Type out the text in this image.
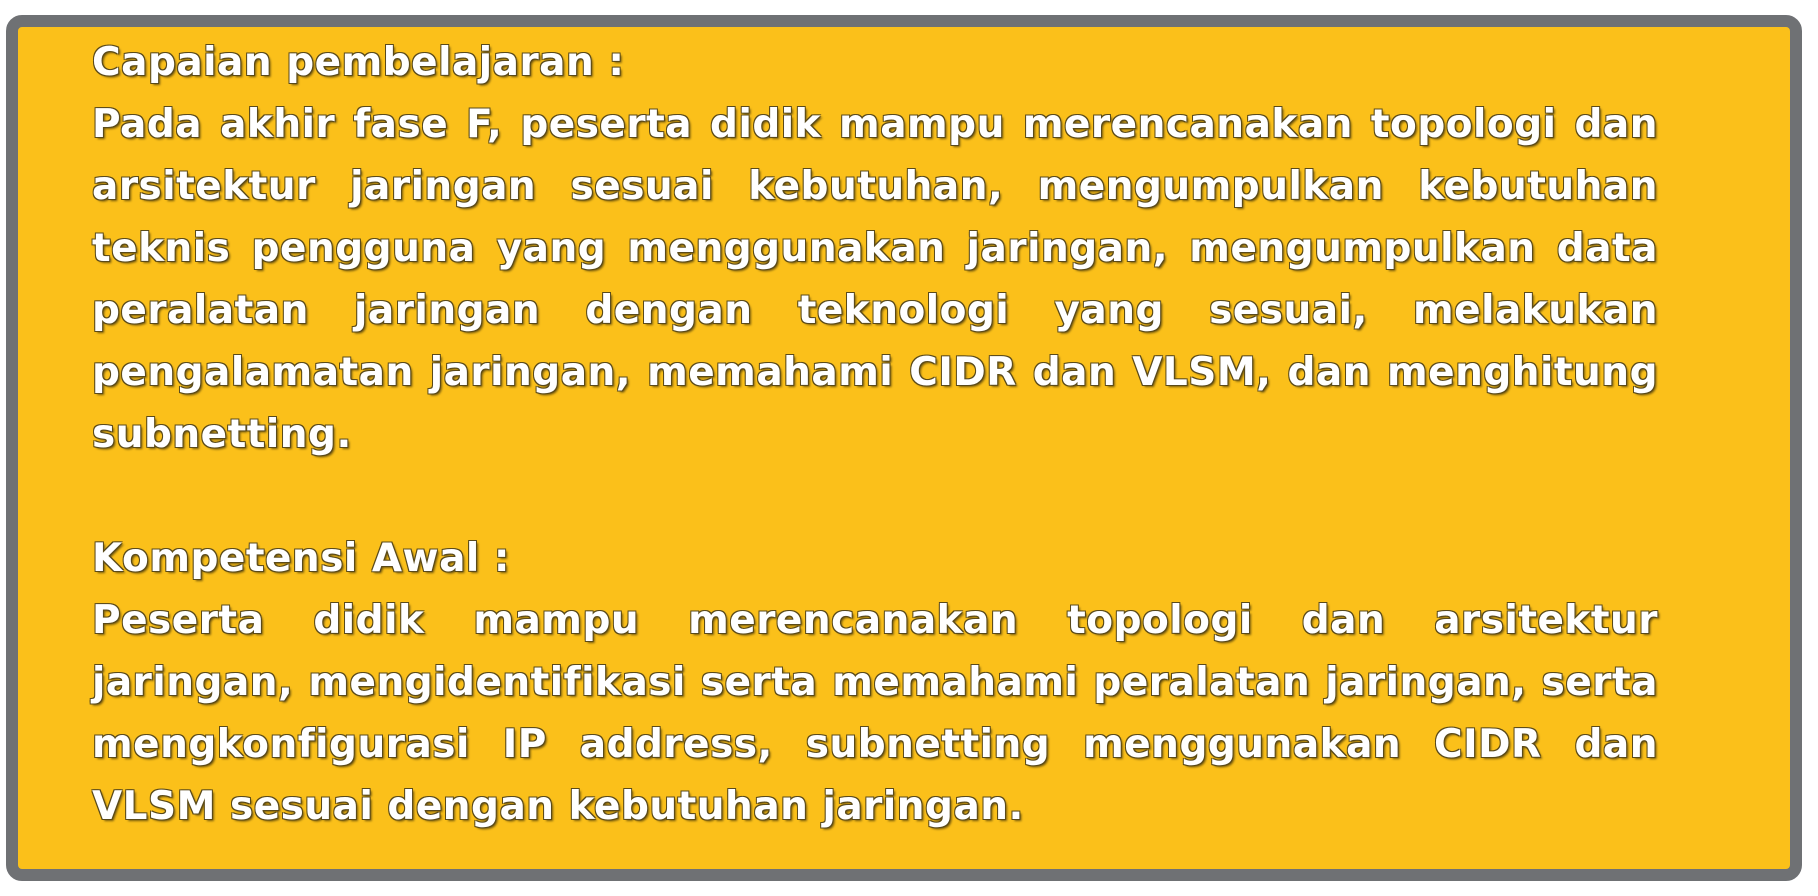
Capaian pembelajaran :
Pada akhir fase F, peserta didik mampu merencanakan topologi dan arsitektur jaringan sesuai kebutuhan, mengumpulkan kebutuhan teknis pengguna yang menggunakan jaringan, mengumpulkan data peralatan jaringan dengan teknologi yang sesuai, melakukan pengalamatan jaringan, memahami CIDR dan VLSM, dan menghitung subnetting.
Kompetensi Awal :
Peserta didik mampu merencanakan topologi dan arsitektur jaringan, mengidentifikasi serta memahami peralatan jaringan, serta mengkonfigurasi IP address, subnetting menggunakan CIDR dan VLSM sesuai dengan kebutuhan jaringan.
